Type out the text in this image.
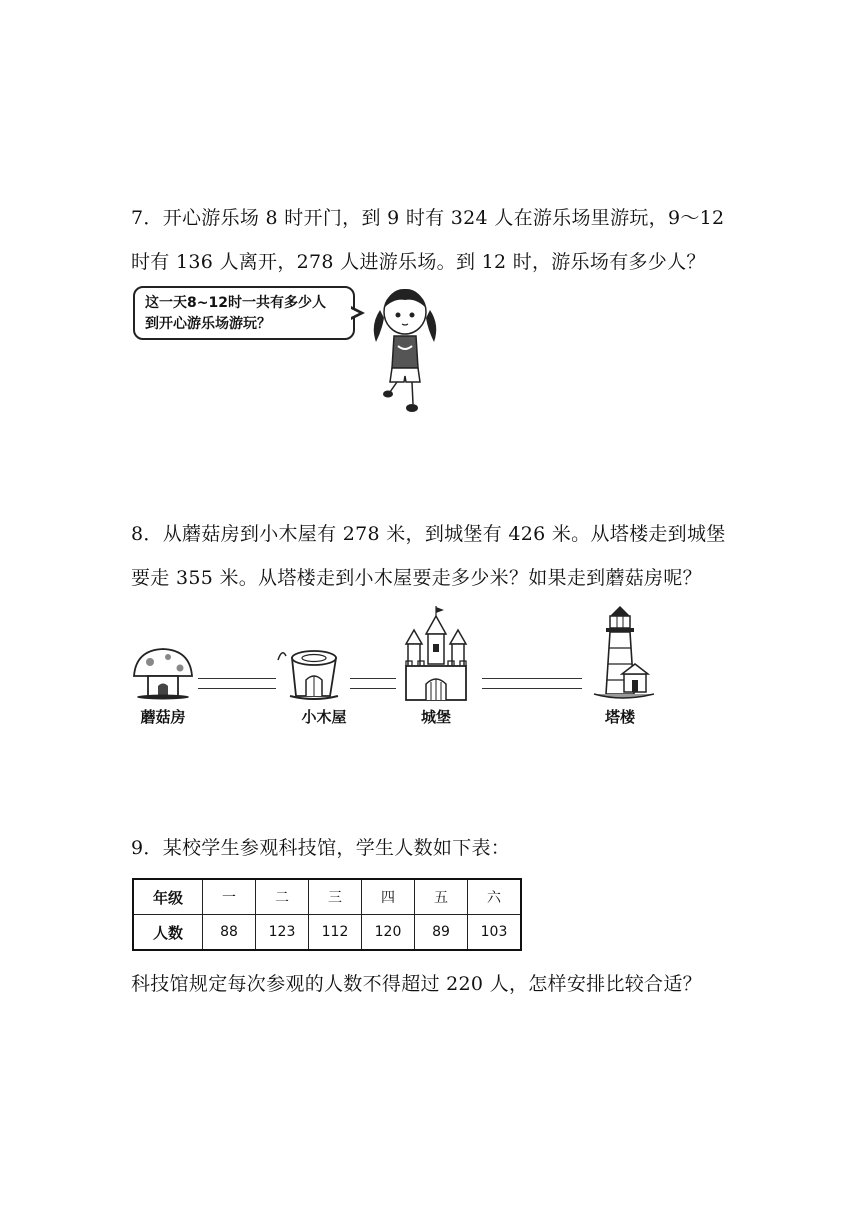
7．开心游乐场 8 时开门，到 9 时有 324 人在游乐场里游玩，9～12

时有 136 人离开，278 人进游乐场。到 12 时，游乐场有多少人？

这一天8~12时一共有多少人
到开心游乐场游玩？

8．从蘑菇房到小木屋有 278 米，到城堡有 426 米。从塔楼走到城堡

要走 355 米。从塔楼走到小木屋要走多少米？如果走到蘑菇房呢？

蘑菇房	小木屋	城堡	塔楼

9．某校学生参观科技馆，学生人数如下表：

年级	一	二	三	四	五	六
人数	88	123	112	120	89	103

科技馆规定每次参观的人数不得超过 220 人，怎样安排比较合适？
